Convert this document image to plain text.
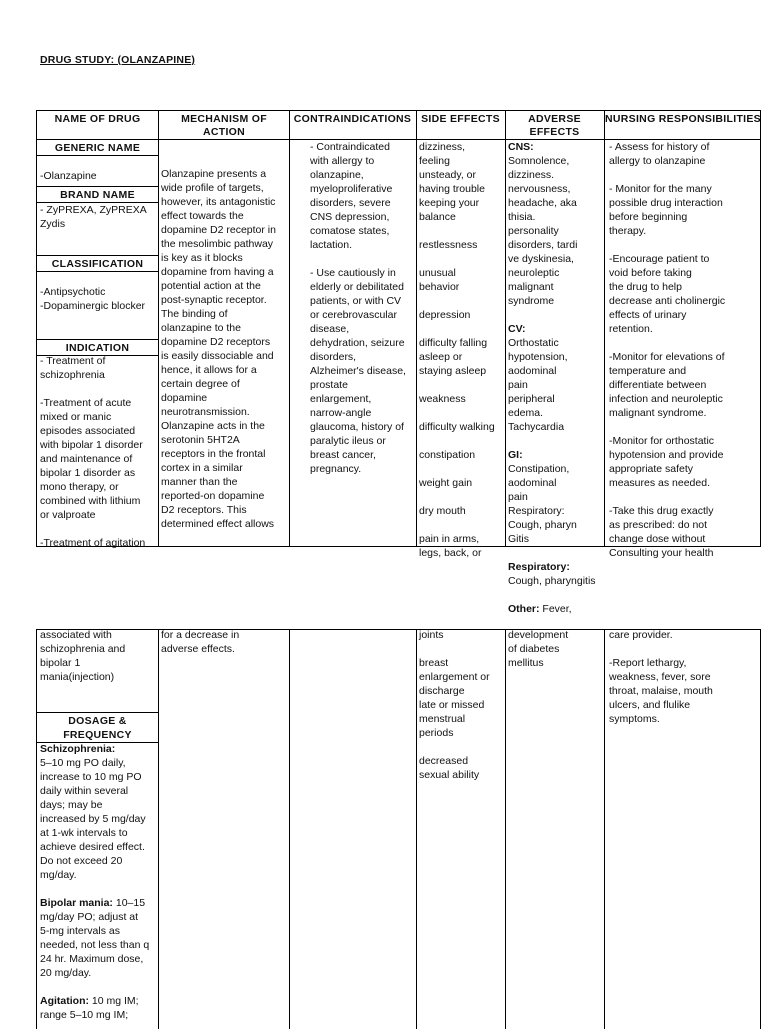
DRUG STUDY: (OLANZAPINE)
NAME OF DRUG	MECHANISM OF ACTION
CONTRAINDICATIONS SIDE EFFECTS	ADVERSE EFFECTS
NURSING RESPONSIBILITIES
GENERIC NAME
-Olanzapine
BRAND NAME
- ZyPREXA, ZyPREXA
Zydis
CLASSIFICATION
-Antipsychotic
-Dopaminergic blocker
INDICATION
- Treatment of
schizophrenia

-Treatment of acute
mixed or manic
episodes associated
with bipolar 1 disorder
and maintenance of
bipolar 1 disorder as
mono therapy, or
combined with lithium
or valproate

-Treatment of agitation
Olanzapine presents a
wide profile of targets,
however, its antagonistic
effect towards the
dopamine D2 receptor in
the mesolimbic pathway
is key as it blocks
dopamine from having a
potential action at the
post-synaptic receptor.
The binding of
olanzapine to the
dopamine D2 receptors
is easily dissociable and
hence, it allows for a
certain degree of
dopamine
neurotransmission.
Olanzapine acts in the
serotonin 5HT2A
receptors in the frontal
cortex in a similar
manner than the
reported-on dopamine
D2 receptors. This
determined effect allows
- Contraindicated
with allergy to
olanzapine,
myeloproliferative
disorders, severe
CNS depression,
comatose states,
lactation.

- Use cautiously in
elderly or debilitated
patients, or with CV
or cerebrovascular
disease,
dehydration, seizure
disorders,
Alzheimer's disease,
prostate
enlargement,
narrow-angle
glaucoma, history of
paralytic ileus or
breast cancer,
pregnancy.
dizziness,
feeling
unsteady, or
having trouble
keeping your
balance

restlessness

unusual
behavior

depression

difficulty falling
asleep or
staying asleep

weakness

difficulty walking

constipation

weight gain

dry mouth

pain in arms,
legs, back, or
CNS:
Somnolence,
dizziness.
nervousness,
headache, aka
thisia.
personality
disorders, tardi
ve dyskinesia,
neuroleptic
malignant
syndrome

CV:
Orthostatic
hypotension,
aodominal
pain
peripheral
edema.
Tachycardia

GI:
Constipation,
aodominal
pain
Respiratory:
Cough, pharyn
Gitis

Respiratory:
Cough, pharyngitis

Other: Fever,
- Assess for history of
allergy to olanzapine

- Monitor for the many
possible drug interaction
before beginning
therapy.

-Encourage patient to
void before taking
the drug to help
decrease anti cholinergic
effects of urinary
retention.

-Monitor for elevations of
temperature and
differentiate between
infection and neuroleptic
malignant syndrome.

-Monitor for orthostatic
hypotension and provide
appropriate safety
measures as needed.

-Take this drug exactly
as prescribed: do not
change dose without
Consulting your health
associated with
schizophrenia and
bipolar 1
mania(injection)
DOSAGE &
FREQUENCY
Schizophrenia:
5–10 mg PO daily,
increase to 10 mg PO
daily within several
days; may be
increased by 5 mg/day
at 1-wk intervals to
achieve desired effect.
Do not exceed 20
mg/day.

Bipolar mania: 10–15
mg/day PO; adjust at
5-mg intervals as
needed, not less than q
24 hr. Maximum dose,
20 mg/day.

Agitation: 10 mg IM;
range 5–10 mg IM;
for a decrease in
adverse effects.
joints

breast
enlargement or
discharge
late or missed
menstrual
periods

decreased
sexual ability
development
of diabetes
mellitus
care provider.

-Report lethargy,
weakness, fever, sore
throat, malaise, mouth
ulcers, and flulike
symptoms.
